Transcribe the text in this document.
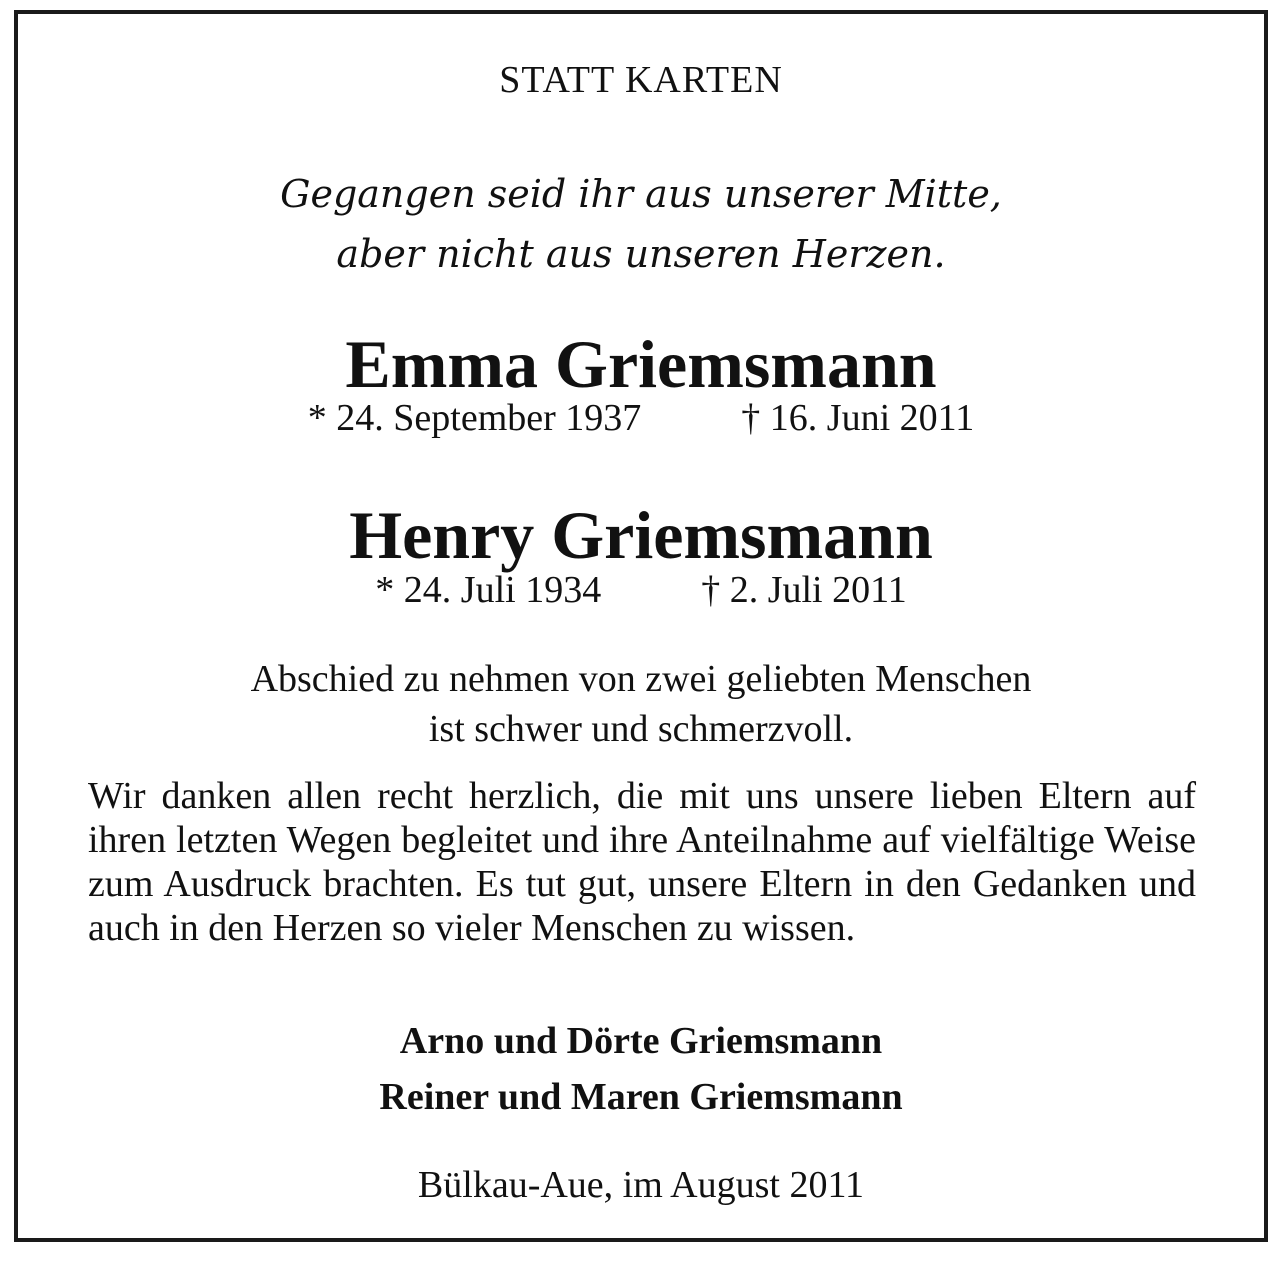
STATT KARTEN
Gegangen seid ihr aus unserer Mitte,
aber nicht aus unseren Herzen.
Emma Griemsmann
* 24. September 1937	† 16. Juni 2011
Henry Griemsmann
* 24. Juli 1934	† 2. Juli 2011
Abschied zu nehmen von zwei geliebten Menschen
ist schwer und schmerzvoll.

Wir danken allen recht herzlich, die mit uns unsere lieben Eltern auf ihren letzten Wegen begleitet und ihre Anteilnahme auf vielfältige Weise zum Ausdruck brachten. Es tut gut, unsere Eltern in den Gedanken und auch in den Herzen so vieler Menschen zu wissen.

Arno und Dörte Griemsmann
Reiner und Maren Griemsmann
Bülkau-Aue, im August 2011
